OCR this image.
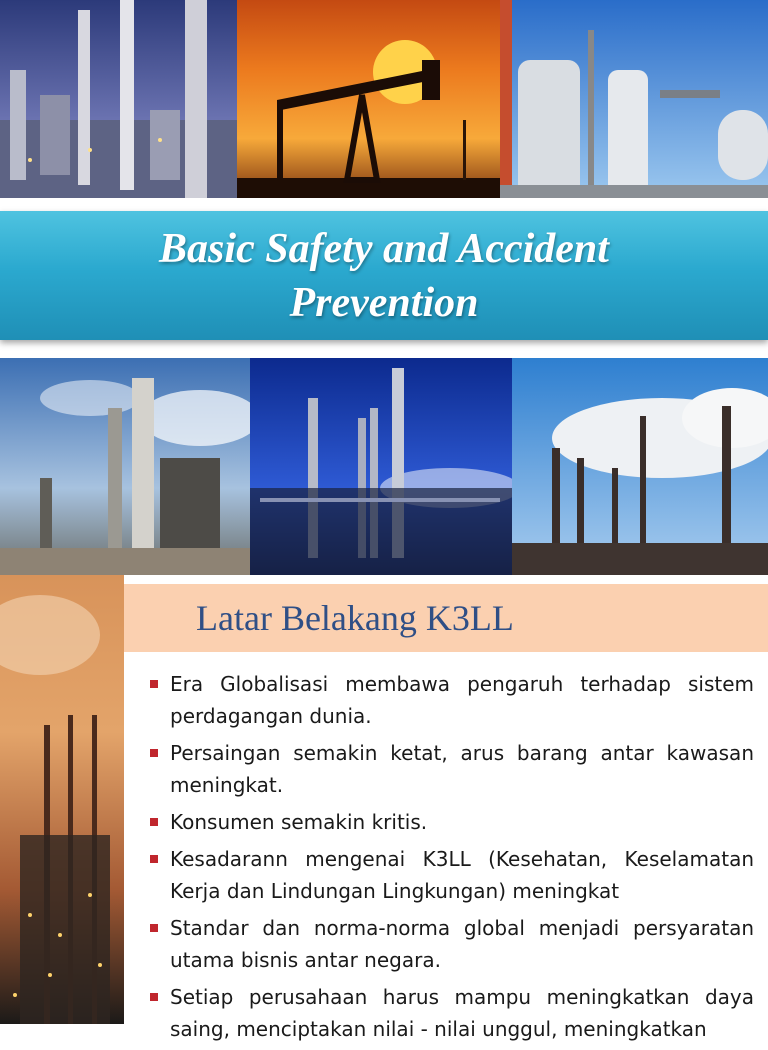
Basic Safety and Accident Prevention
Latar Belakang K3LL
Era Globalisasi membawa pengaruh terhadap sistem perdagangan dunia.
Persaingan semakin ketat, arus barang antar kawasan meningkat.
Konsumen semakin kritis.
Kesadarann mengenai K3LL (Kesehatan, Keselamatan Kerja dan Lindungan Lingkungan) meningkat
Standar dan norma-norma global menjadi persyaratan utama bisnis antar negara.
Setiap perusahaan harus mampu meningkatkan daya saing, menciptakan nilai - nilai unggul, meningkatkan
